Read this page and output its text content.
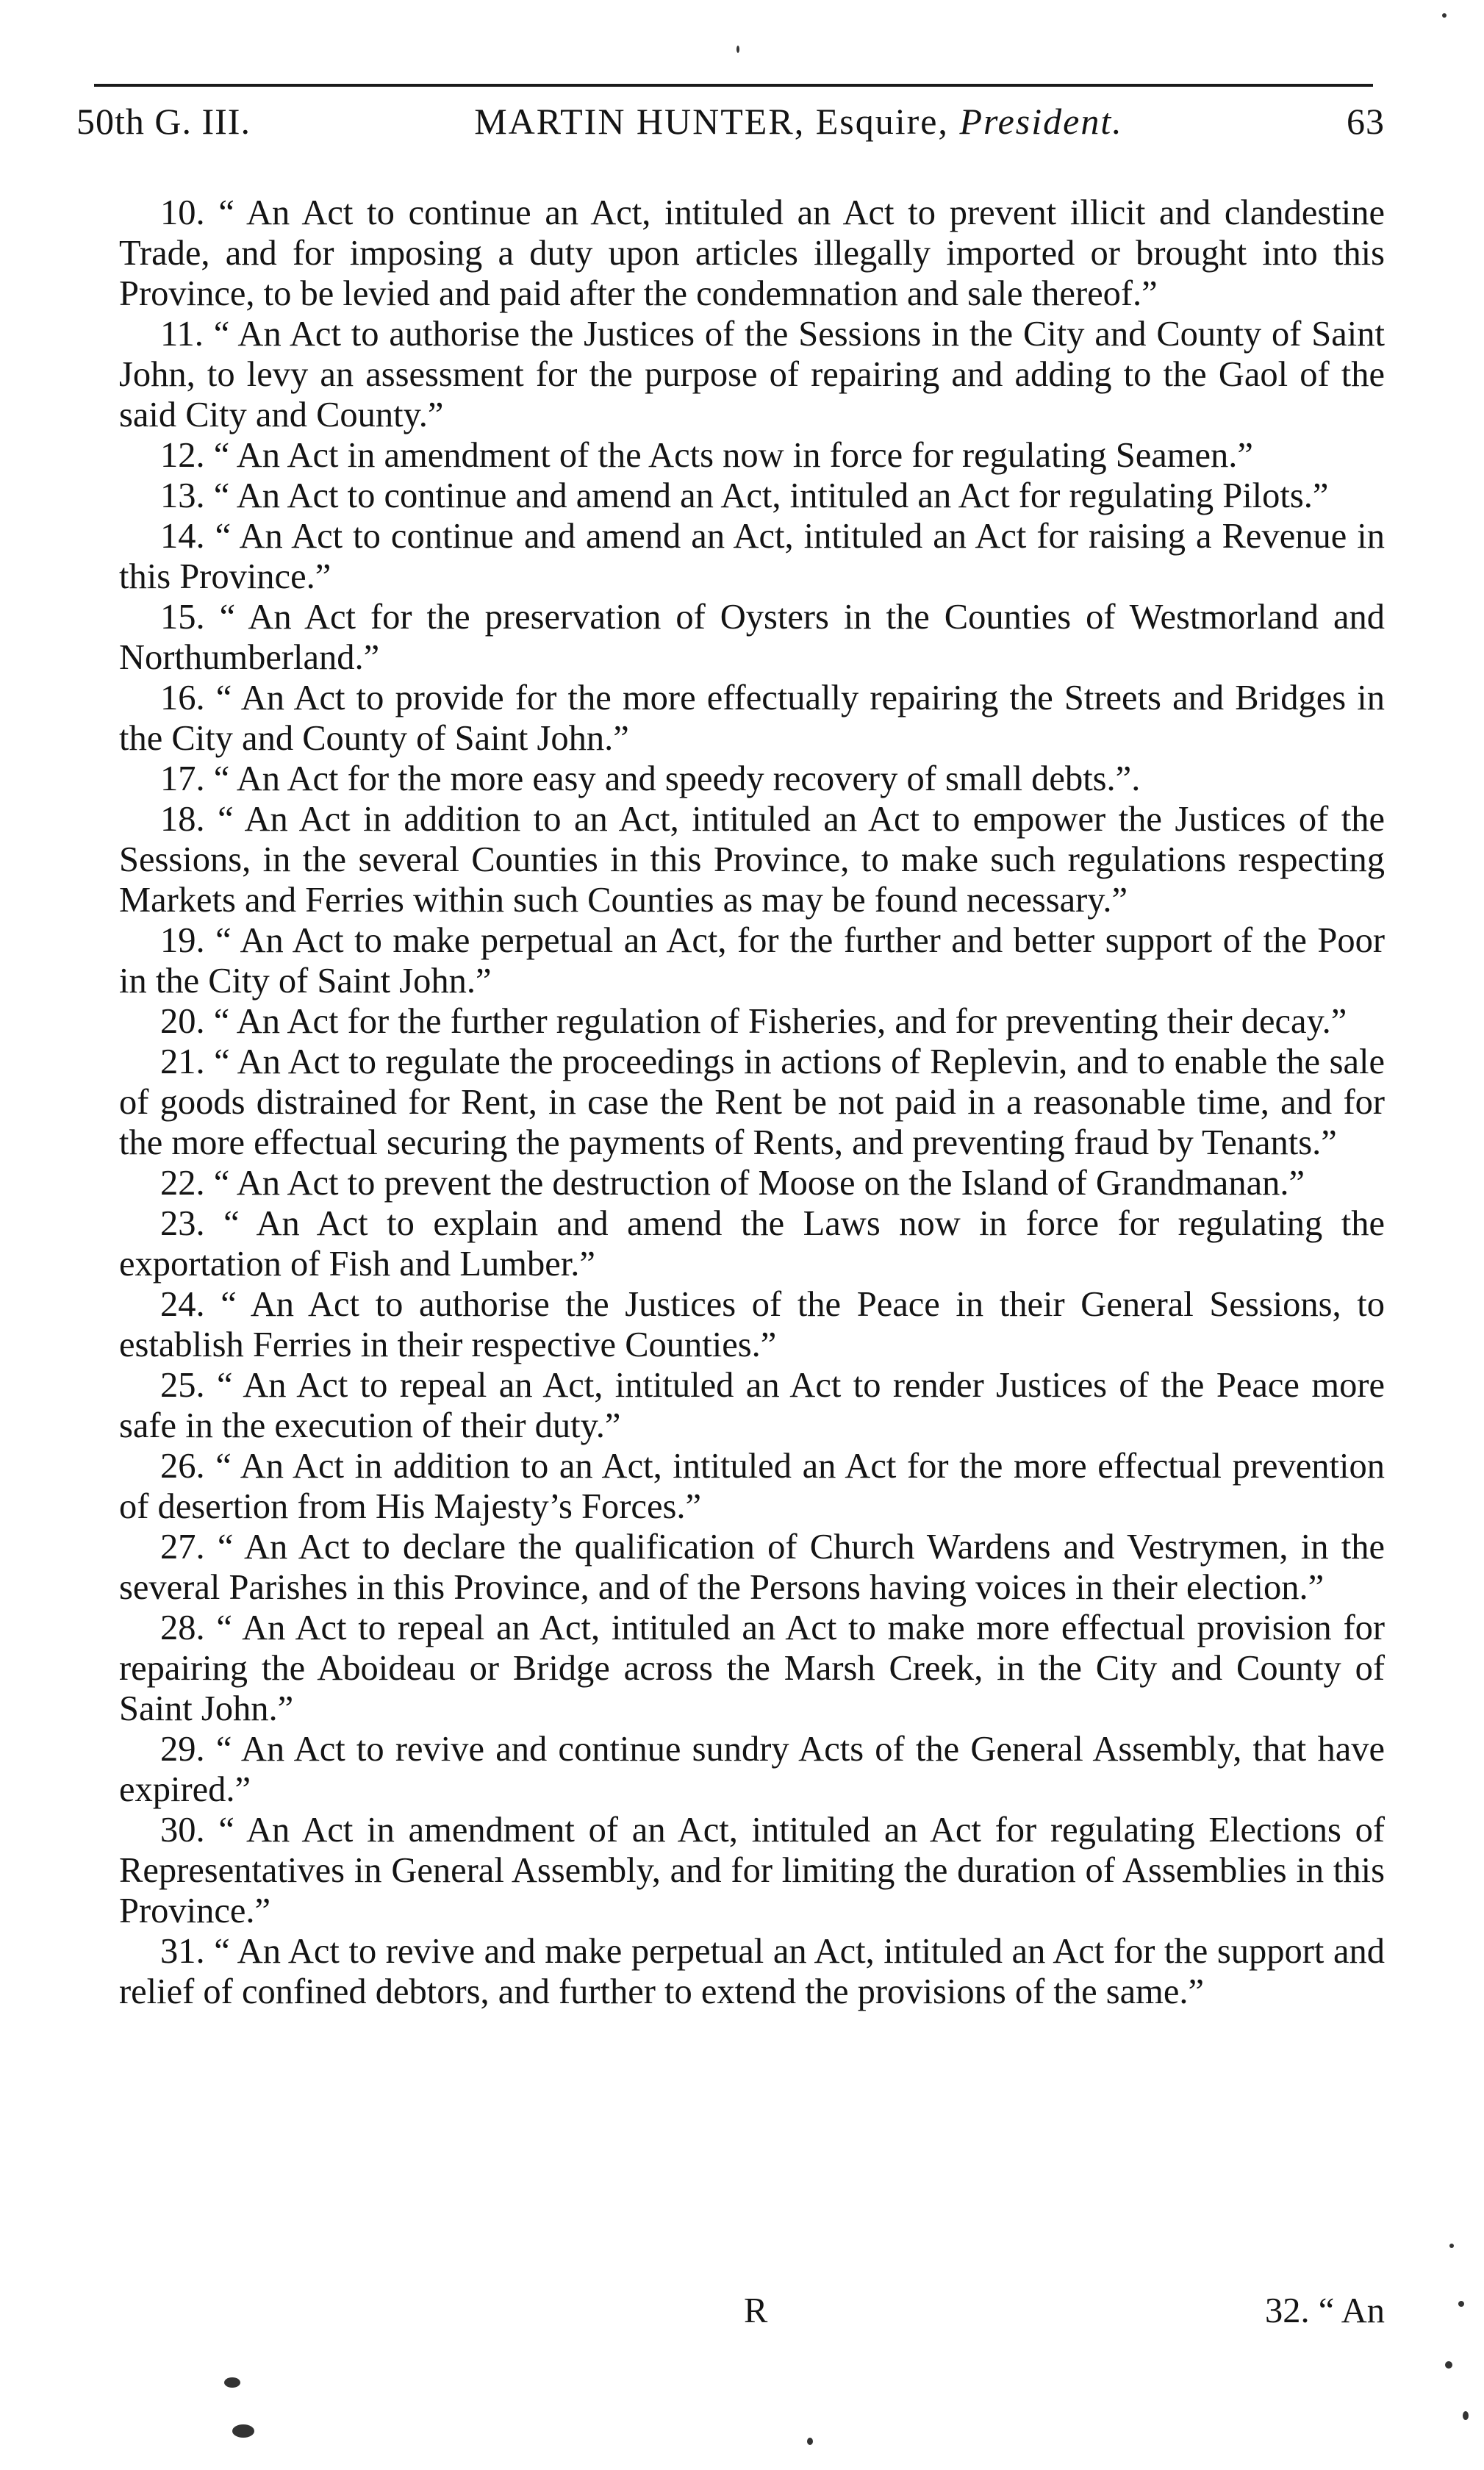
50th G. III.	MARTIN HUNTER, Esquire, President.	63

10. “ An Act to continue an Act, intituled an Act to prevent illicit and clandestine Trade, and for imposing a duty upon articles illegally imported or brought into this Province, to be levied and paid after the condemnation and sale thereof.”

11. “ An Act to authorise the Justices of the Sessions in the City and County of Saint John, to levy an assessment for the purpose of repairing and adding to the Gaol of the said City and County.”

12. “ An Act in amendment of the Acts now in force for regulating Seamen.”

13. “ An Act to continue and amend an Act, intituled an Act for regulating Pilots.”

14. “ An Act to continue and amend an Act, intituled an Act for raising a Revenue in this Province.”

15. “ An Act for the preservation of Oysters in the Counties of Westmorland and Northumberland.”

16. “ An Act to provide for the more effectually repairing the Streets and Bridges in the City and County of Saint John.”

17. “ An Act for the more easy and speedy recovery of small debts.”.

18. “ An Act in addition to an Act, intituled an Act to empower the Justices of the Sessions, in the several Counties in this Province, to make such regulations respecting Markets and Ferries within such Counties as may be found necessary.”

19. “ An Act to make perpetual an Act, for the further and better support of the Poor in the City of Saint John.”

20. “ An Act for the further regulation of Fisheries, and for preventing their decay.”

21. “ An Act to regulate the proceedings in actions of Replevin, and to enable the sale of goods distrained for Rent, in case the Rent be not paid in a reasonable time, and for the more effectual securing the payments of Rents, and preventing fraud by Tenants.”

22. “ An Act to prevent the destruction of Moose on the Island of Grandmanan.”

23. “ An Act to explain and amend the Laws now in force for regulating the exportation of Fish and Lumber.”

24. “ An Act to authorise the Justices of the Peace in their General Sessions, to establish Ferries in their respective Counties.”

25. “ An Act to repeal an Act, intituled an Act to render Justices of the Peace more safe in the execution of their duty.”

26. “ An Act in addition to an Act, intituled an Act for the more effectual prevention of desertion from His Majesty’s Forces.”

27. “ An Act to declare the qualification of Church Wardens and Vestrymen, in the several Parishes in this Province, and of the Persons having voices in their election.”

28. “ An Act to repeal an Act, intituled an Act to make more effectual provision for repairing the Aboideau or Bridge across the Marsh Creek, in the City and County of Saint John.”

29. “ An Act to revive and continue sundry Acts of the General Assembly, that have expired.”

30. “ An Act in amendment of an Act, intituled an Act for regulating Elections of Representatives in General Assembly, and for limiting the duration of Assemblies in this Province.”

31. “ An Act to revive and make perpetual an Act, intituled an Act for the support and relief of confined debtors, and further to extend the provisions of the same.”

R	32. “ An
